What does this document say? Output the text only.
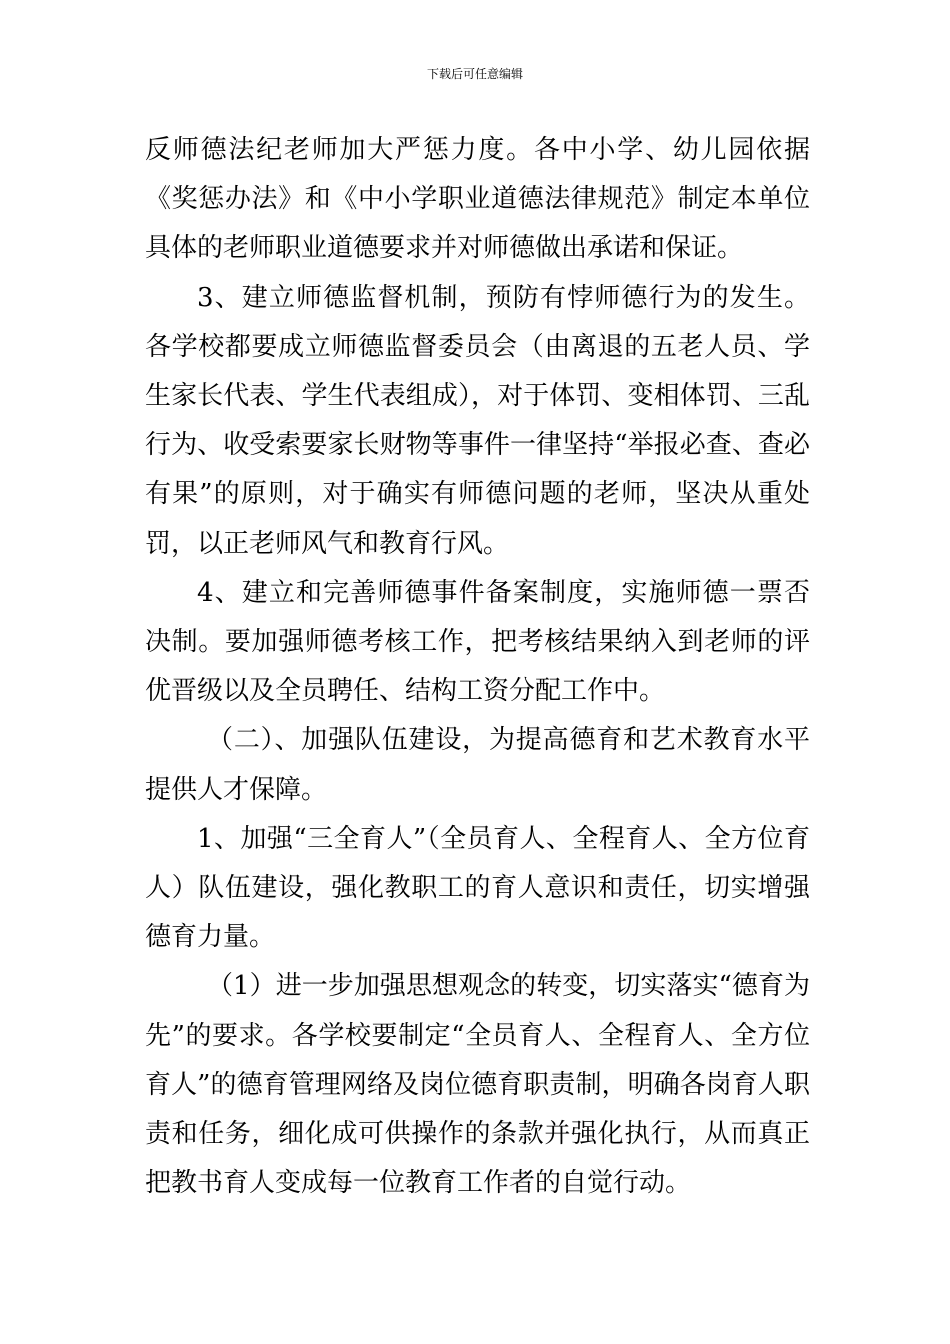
下载后可任意编辑

反师德法纪老师加大严惩力度。各中小学、幼儿园依据《奖惩办法》和《中小学职业道德法律规范》制定本单位具体的老师职业道德要求并对师德做出承诺和保证。

3、建立师德监督机制，预防有悖师德行为的发生。各学校都要成立师德监督委员会（由离退的五老人员、学生家长代表、学生代表组成），对于体罚、变相体罚、三乱行为、收受索要家长财物等事件一律坚持“举报必查、查必有果”的原则，对于确实有师德问题的老师，坚决从重处罚，以正老师风气和教育行风。

4、建立和完善师德事件备案制度，实施师德一票否决制。要加强师德考核工作，把考核结果纳入到老师的评优晋级以及全员聘任、结构工资分配工作中。

（二）、加强队伍建设，为提高德育和艺术教育水平提供人才保障。

1、加强“三全育人”（全员育人、全程育人、全方位育人）队伍建设，强化教职工的育人意识和责任，切实增强德育力量。

（1）进一步加强思想观念的转变，切实落实“德育为先”的要求。各学校要制定“全员育人、全程育人、全方位育人”的德育管理网络及岗位德育职责制，明确各岗育人职责和任务，细化成可供操作的条款并强化执行，从而真正把教书育人变成每一位教育工作者的自觉行动。
